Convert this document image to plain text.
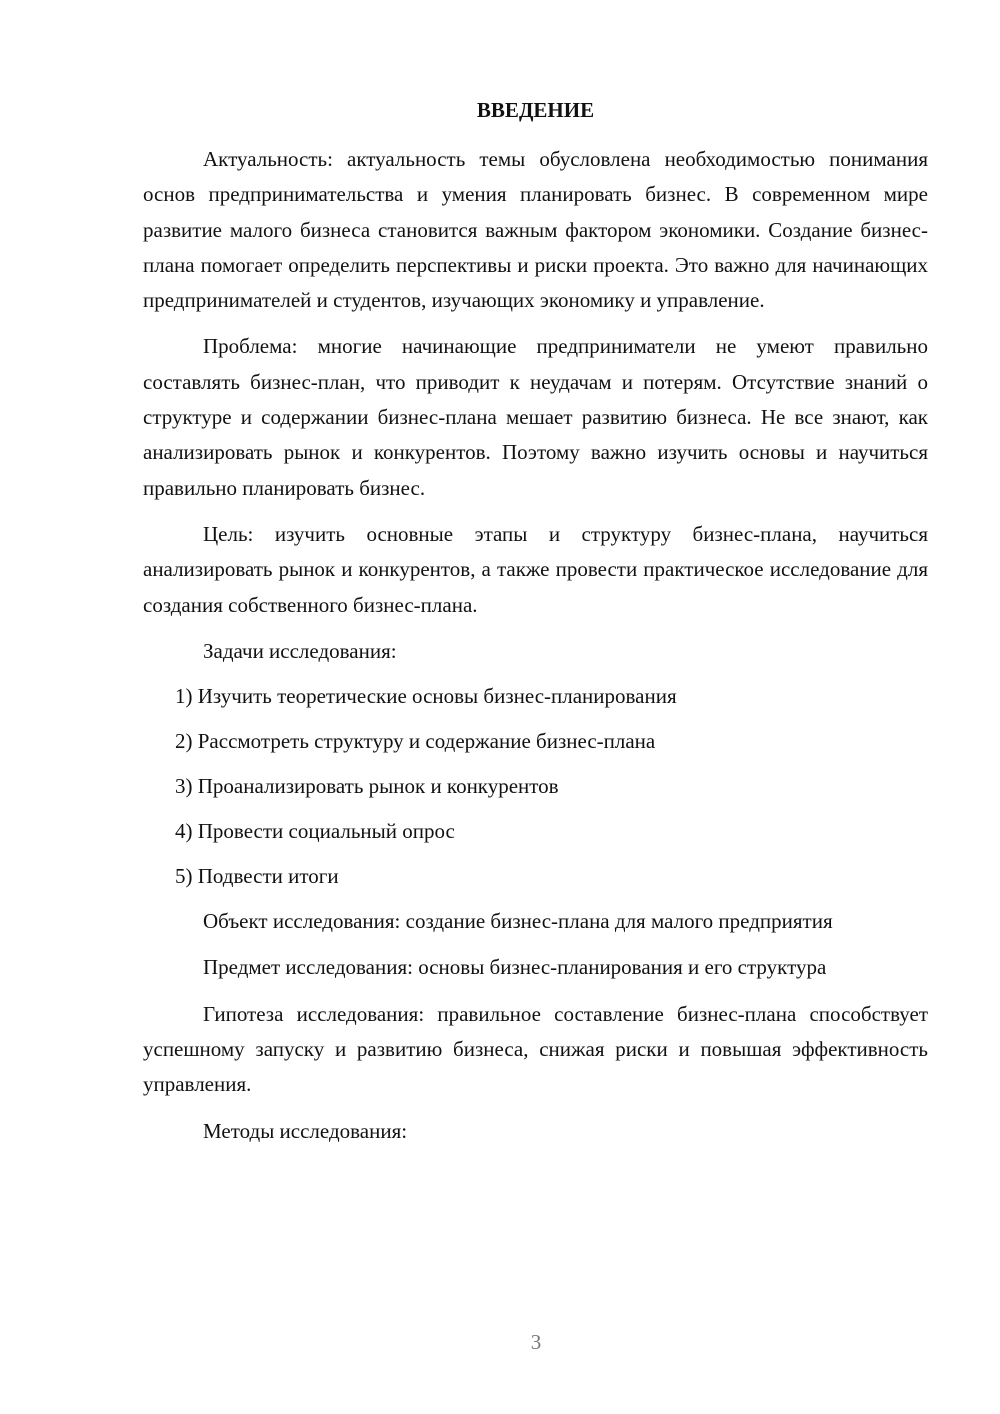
ВВЕДЕНИЕ
Актуальность: актуальность темы обусловлена необходимостью понимания основ предпринимательства и умения планировать бизнес. В современном мире развитие малого бизнеса становится важным фактором экономики. Создание бизнес-плана помогает определить перспективы и риски проекта. Это важно для начинающих предпринимателей и студентов, изучающих экономику и управление.
Проблема: многие начинающие предприниматели не умеют правильно составлять бизнес-план, что приводит к неудачам и потерям. Отсутствие знаний о структуре и содержании бизнес-плана мешает развитию бизнеса. Не все знают, как анализировать рынок и конкурентов. Поэтому важно изучить основы и научиться правильно планировать бизнес.
Цель: изучить основные этапы и структуру бизнес-плана, научиться анализировать рынок и конкурентов, а также провести практическое исследование для создания собственного бизнес-плана.
Задачи исследования:
1) Изучить теоретические основы бизнес-планирования
2) Рассмотреть структуру и содержание бизнес-плана
3) Проанализировать рынок и конкурентов
4) Провести социальный опрос
5) Подвести итоги
Объект исследования: создание бизнес-плана для малого предприятия
Предмет исследования: основы бизнес-планирования и его структура
Гипотеза исследования: правильное составление бизнес-плана способствует успешному запуску и развитию бизнеса, снижая риски и повышая эффективность управления.
Методы исследования:
3
